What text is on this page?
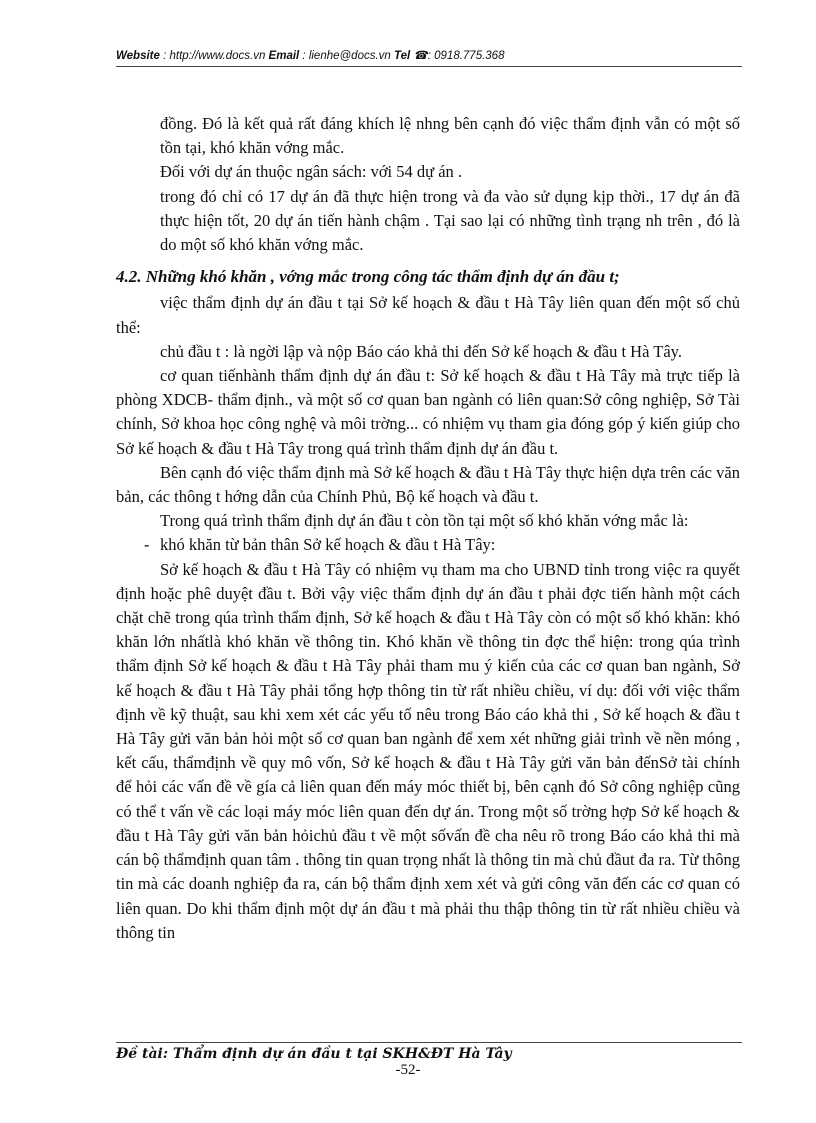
Website : http://www.docs.vn Email : lienhe@docs.vn Tel ☎: 0918.775.368

đồng. Đó là kết quả rất đáng khích lệ nhng bên cạnh đó việc thẩm định vẫn có một số tồn tại, khó khăn vớng mắc.

Đối với dự án thuộc ngân sách: với 54 dự án .

trong đó chỉ có 17 dự án đã thực hiện trong và đa vào sử dụng kịp thời., 17 dự án đã thực hiện tốt, 20 dự án tiến hành chậm . Tại sao lại có những tình trạng nh trên , đó là do một số khó khăn vớng mắc.

4.2. Những khó khăn , vớng mắc trong công tác thẩm định dự án đầu t;

việc thẩm định dự án đầu t tại Sở kế hoạch & đầu t Hà Tây liên quan đến một số chủ thể:

chủ đầu t : là ngời lập và nộp Báo cáo khả thi đến Sở kế hoạch & đầu t Hà Tây.

cơ quan tiếnhành thẩm định dự án đầu t: Sở kế hoạch & đầu t Hà Tây mà trực tiếp là phòng XDCB- thẩm định., và một số cơ quan ban ngành có liên quan:Sở công nghiệp, Sở Tài chính, Sở khoa học công nghệ và môi trờng... có nhiệm vụ tham gia đóng góp ý kiến giúp cho Sở kế hoạch & đầu t Hà Tây trong quá trình thẩm định dự án đầu t.

Bên cạnh đó việc thẩm định mà Sở kế hoạch & đầu t Hà Tây thực hiện dựa trên các văn bản, các thông t hớng dẫn của Chính Phủ, Bộ kế hoạch và đầu t.

Trong quá trình thẩm định dự án đầu t còn tồn tại một số khó khăn vớng mắc là:

- khó khăn từ bản thân Sở kế hoạch & đầu t Hà Tây:

Sở kế hoạch & đầu t Hà Tây có nhiệm vụ tham ma cho UBND tỉnh trong việc ra quyết định hoặc phê duyệt đầu t. Bởi vậy việc thẩm định dự án đầu t phải đợc tiến hành một cách chặt chẽ trong qúa trình thẩm định, Sở kế hoạch & đầu t Hà Tây còn có một số khó khăn: khó khăn lớn nhấtlà khó khăn về thông tin. Khó khăn về thông tin đợc thể hiện: trong qúa trình thẩm định Sở kế hoạch & đầu t Hà Tây phải tham mu ý kiến của các cơ quan ban ngành, Sở kế hoạch & đầu t Hà Tây phải tổng hợp thông tin từ rất nhiều chiều, ví dụ: đối với việc thẩm định về kỹ thuật, sau khi xem xét các yếu tố nêu trong Báo cáo khả thi , Sở kế hoạch & đầu t Hà Tây gửi văn bản hỏi một số cơ quan ban ngành để xem xét những giải trình về nền móng , kết cấu, thẩmđịnh về quy mô vốn, Sở kế hoạch & đầu t Hà Tây gửi văn bản đếnSở tài chính để hỏi các vấn đề về gía cả liên quan đến máy móc thiết bị, bên cạnh đó Sở công nghiệp cũng có thể t vấn về các loại máy móc liên quan đến dự án. Trong một số trờng hợp Sở kế hoạch & đầu t Hà Tây gửi văn bản hỏichủ đầu t về một sốvấn đề cha nêu rõ trong Báo cáo khả thi mà cán bộ thẩmđịnh quan tâm . thông tin quan trọng nhất là thông tin mà chủ đầut đa ra. Từ thông tin mà các doanh nghiệp đa ra, cán bộ thẩm định xem xét và gửi công văn đến các cơ quan có liên quan. Do khi thẩm định một dự án đầu t mà phải thu thập thông tin từ rất nhiều chiều và thông tin

Đề tài: Thẩm định dự án đầu t tại SKH&ĐT Hà Tây
-52-
